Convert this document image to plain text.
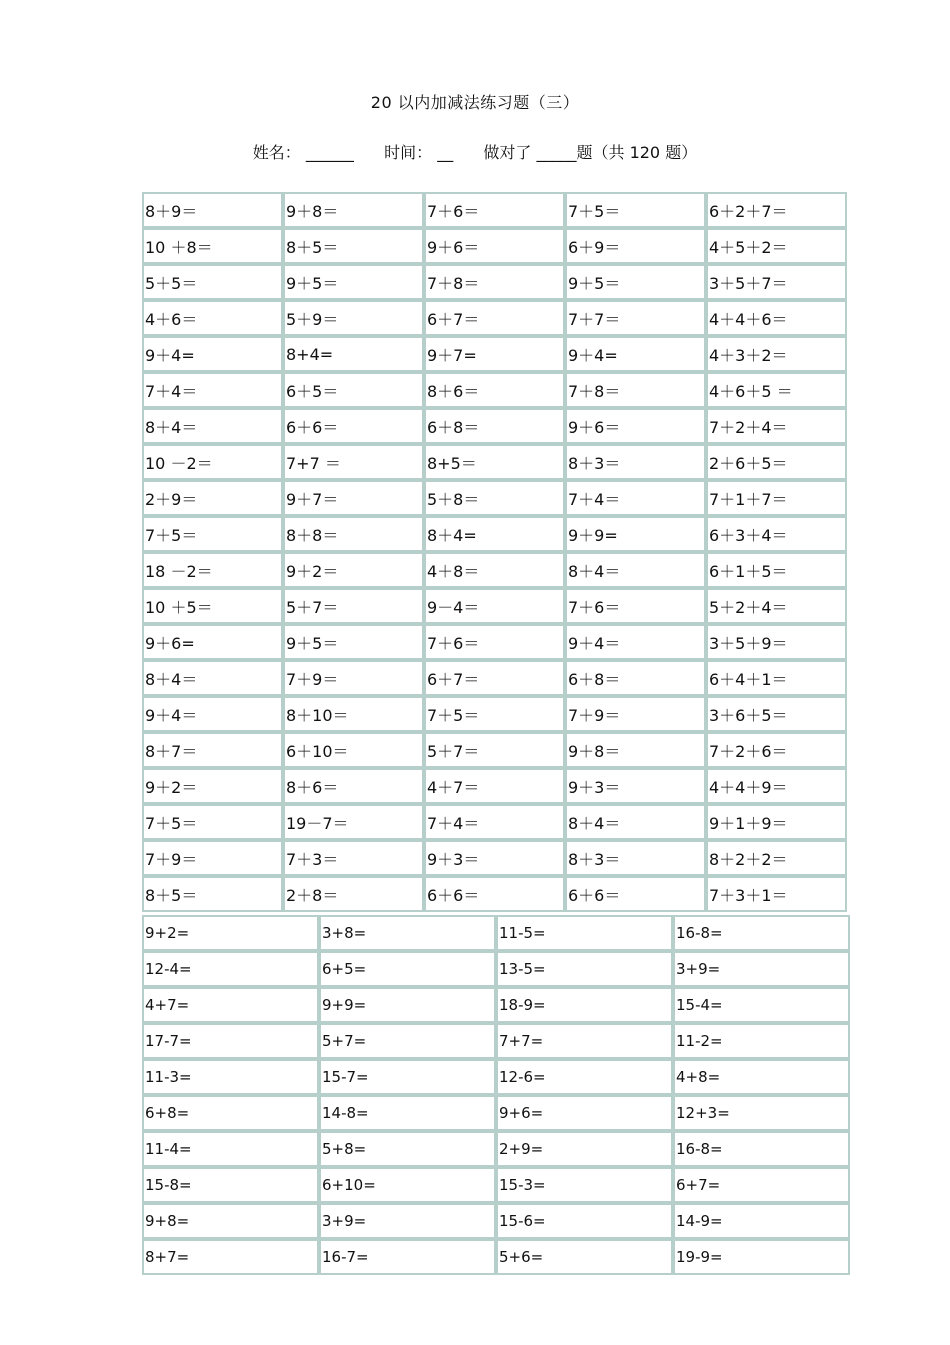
20 以内加减法练习题（三）
姓名： ______ 时间： __ 做对了 _____题（共 120 题）
8＋9＝	9＋8＝	7＋6＝	7＋5＝	6＋2＋7＝
10 ＋8＝	8＋5＝	9＋6＝	6＋9＝	4＋5＋2＝
5＋5＝	9＋5＝	7＋8＝	9＋5＝	3＋5＋7＝
4＋6＝	5＋9＝	6＋7＝	7＋7＝	4＋4＋6＝
9＋4=	8+4=	9＋7=	9＋4=	4＋3＋2＝
7＋4＝	6＋5＝	8＋6＝	7＋8＝	4＋6＋5 ＝
8＋4＝	6＋6＝	6＋8＝	9＋6＝	7＋2＋4＝
10 －2＝	7+7 ＝	8+5＝	8＋3＝	2＋6＋5＝
2＋9＝	9＋7＝	5＋8＝	7＋4＝	7＋1＋7＝
7＋5＝	8＋8＝	8＋4=	9＋9=	6＋3＋4＝
18 －2＝	9＋2＝	4＋8＝	8＋4＝	6＋1＋5＝
10 ＋5＝	5＋7＝	9－4＝	7＋6＝	5＋2＋4＝
9＋6=	9＋5＝	7＋6＝	9＋4＝	3＋5＋9＝
8＋4＝	7＋9＝	6＋7＝	6＋8＝	6＋4＋1＝
9＋4＝	8＋10＝	7＋5＝	7＋9＝	3＋6＋5＝
8＋7＝	6＋10＝	5＋7＝	9＋8＝	7＋2＋6＝
9＋2＝	8＋6＝	4＋7＝	9＋3＝	4＋4＋9＝
7＋5＝	19－7＝	7＋4＝	8＋4＝	9＋1＋9＝
7＋9＝	7＋3＝	9＋3＝	8＋3＝	8＋2＋2＝
8＋5＝	2＋8＝	6＋6＝	6＋6＝	7＋3＋1＝
9+2=	3+8=	11-5=	16-8=
12-4=	6+5=	13-5=	3+9=
4+7=	9+9=	18-9=	15-4=
17-7=	5+7=	7+7=	11-2=
11-3=	15-7=	12-6=	4+8=
6+8=	14-8=	9+6=	12+3=
11-4=	5+8=	2+9=	16-8=
15-8=	6+10=	15-3=	6+7=
9+8=	3+9=	15-6=	14-9=
8+7=	16-7=	5+6=	19-9=
